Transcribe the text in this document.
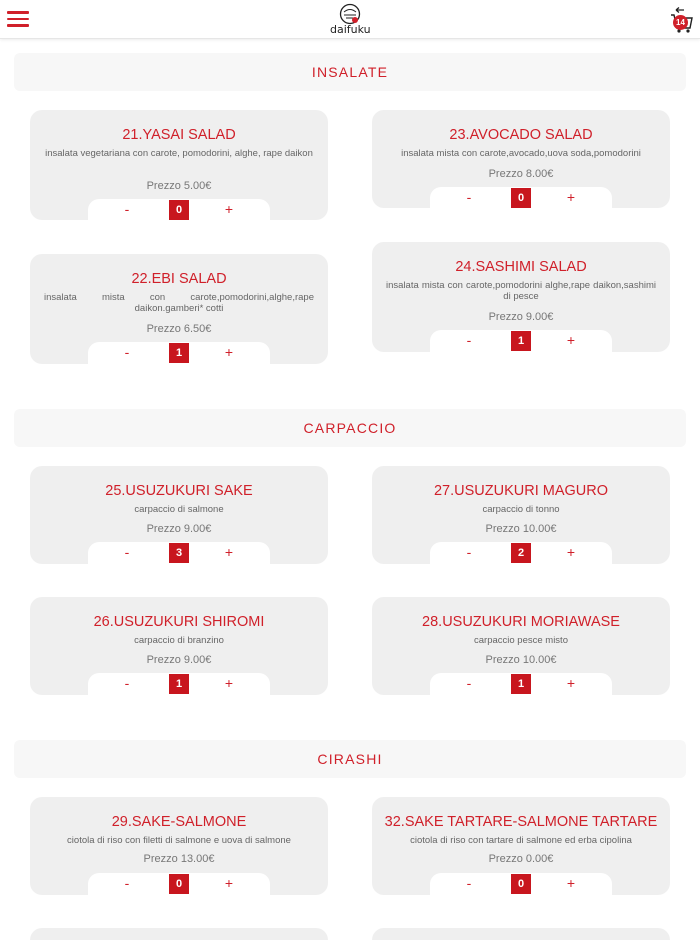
daifuku
14
INSALATE
21.YASAI SALAD
insalata vegetariana con carote, pomodorini, alghe, rape daikon
Prezzo 5.00€
-	0	+
23.AVOCADO SALAD
insalata mista con carote,avocado,uova soda,pomodorini
Prezzo 8.00€
-	0	+
22.EBI SALAD
insalata mista con carote,pomodorini,alghe,rape daikon.gamberi* cotti
Prezzo 6.50€
-	1	+
24.SASHIMI SALAD
insalata mista con carote,pomodorini alghe,rape daikon,sashimi di pesce
Prezzo 9.00€
-	1	+
CARPACCIO
25.USUZUKURI SAKE
carpaccio di salmone
Prezzo 9.00€
-	3	+
27.USUZUKURI MAGURO
carpaccio di tonno
Prezzo 10.00€
-	2	+
26.USUZUKURI SHIROMI
carpaccio di branzino
Prezzo 9.00€
-	1	+
28.USUZUKURI MORIAWASE
carpaccio pesce misto
Prezzo 10.00€
-	1	+
CIRASHI
29.SAKE-SALMONE
ciotola di riso con filetti di salmone e uova di salmone
Prezzo 13.00€
-	0	+
32.SAKE TARTARE-SALMONE TARTARE
ciotola di riso con tartare di salmone ed erba cipolina
Prezzo 0.00€
-	0	+
